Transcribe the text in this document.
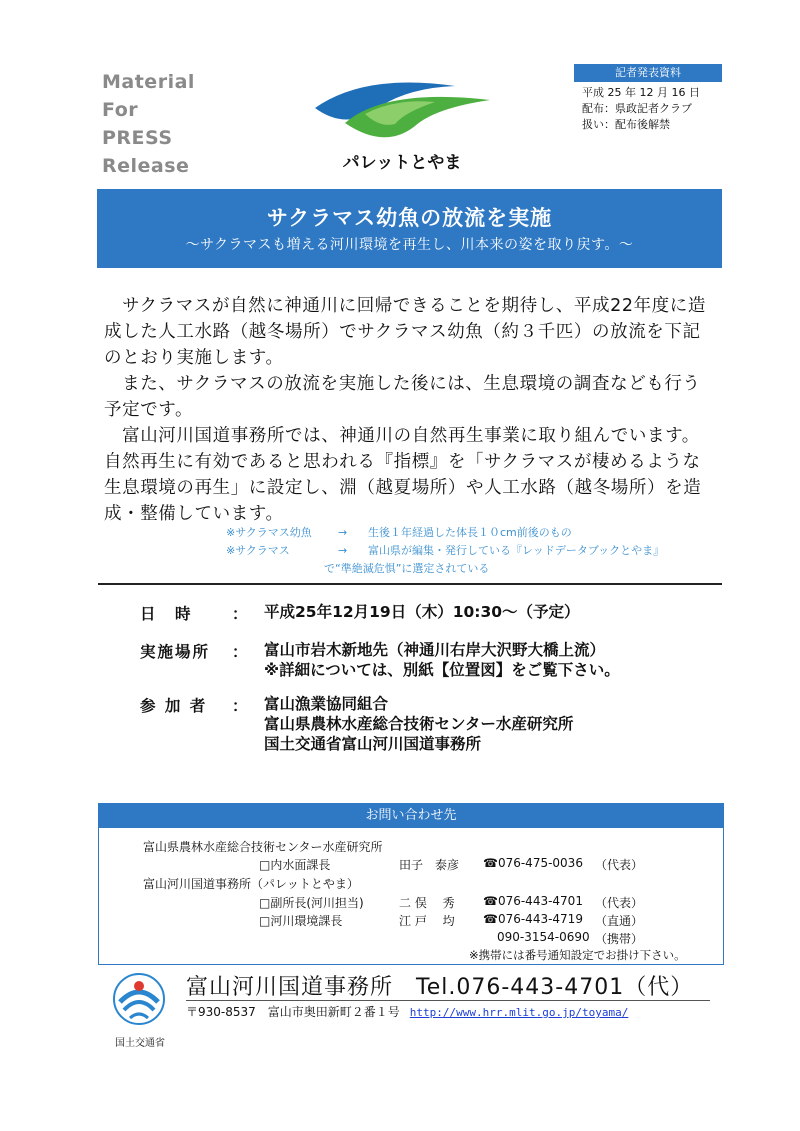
Material
For
PRESS
Release	パレットとやま
記者発表資料
平成 25 年 12 月 16 日
配布：県政記者クラブ
扱い：配布後解禁
サクラマス幼魚の放流を実施
～サクラマスも増える河川環境を再生し、川本来の姿を取り戻す。～

　サクラマスが自然に神通川に回帰できることを期待し、平成22年度に造成した人工水路（越冬場所）でサクラマス幼魚（約３千匹）の放流を下記のとおり実施します。

　また、サクラマスの放流を実施した後には、生息環境の調査なども行う予定です。

　富山河川国道事務所では、神通川の自然再生事業に取り組んでいます。自然再生に有効であると思われる『指標』を「サクラマスが棲めるような生息環境の再生」に設定し、淵（越夏場所）や人工水路（越冬場所）を造成・整備しています。

※サクラマス幼魚 → 生後１年経過した体長１０cm前後のもの
※サクラマス	→ 富山県が編集・発行している『レッドデータブックとやま』
で“準絶滅危惧”に選定されている
日　時	： 平成25年12月19日（木）10:30～（予定）
実施場所	： 富山市岩木新地先（神通川右岸大沢野大橋上流）
※詳細については、別紙【位置図】をご覧下さい。
参 加 者	： 富山漁業協同組合
富山県農林水産総合技術センター水産研究所
国土交通省富山河川国道事務所
お問い合わせ先
富山県農林水産総合技術センター水産研究所
□内水面課長	田子　泰彦 ☎076-475-0036 （代表）
富山河川国道事務所（パレットとやま）
□副所長(河川担当)	二 俣　 秀 ☎076-443-4701 （代表）
□河川環境課長	江 戸　 均 ☎076-443-4719 （直通）
090-3154-0690 （携帯）
※携帯には番号通知設定でお掛け下さい。
国土交通省
富山河川国道事務所　Tel.076-443-4701（代）
〒930-8537　富山市奥田新町２番１号 http://www.hrr.mlit.go.jp/toyama/
